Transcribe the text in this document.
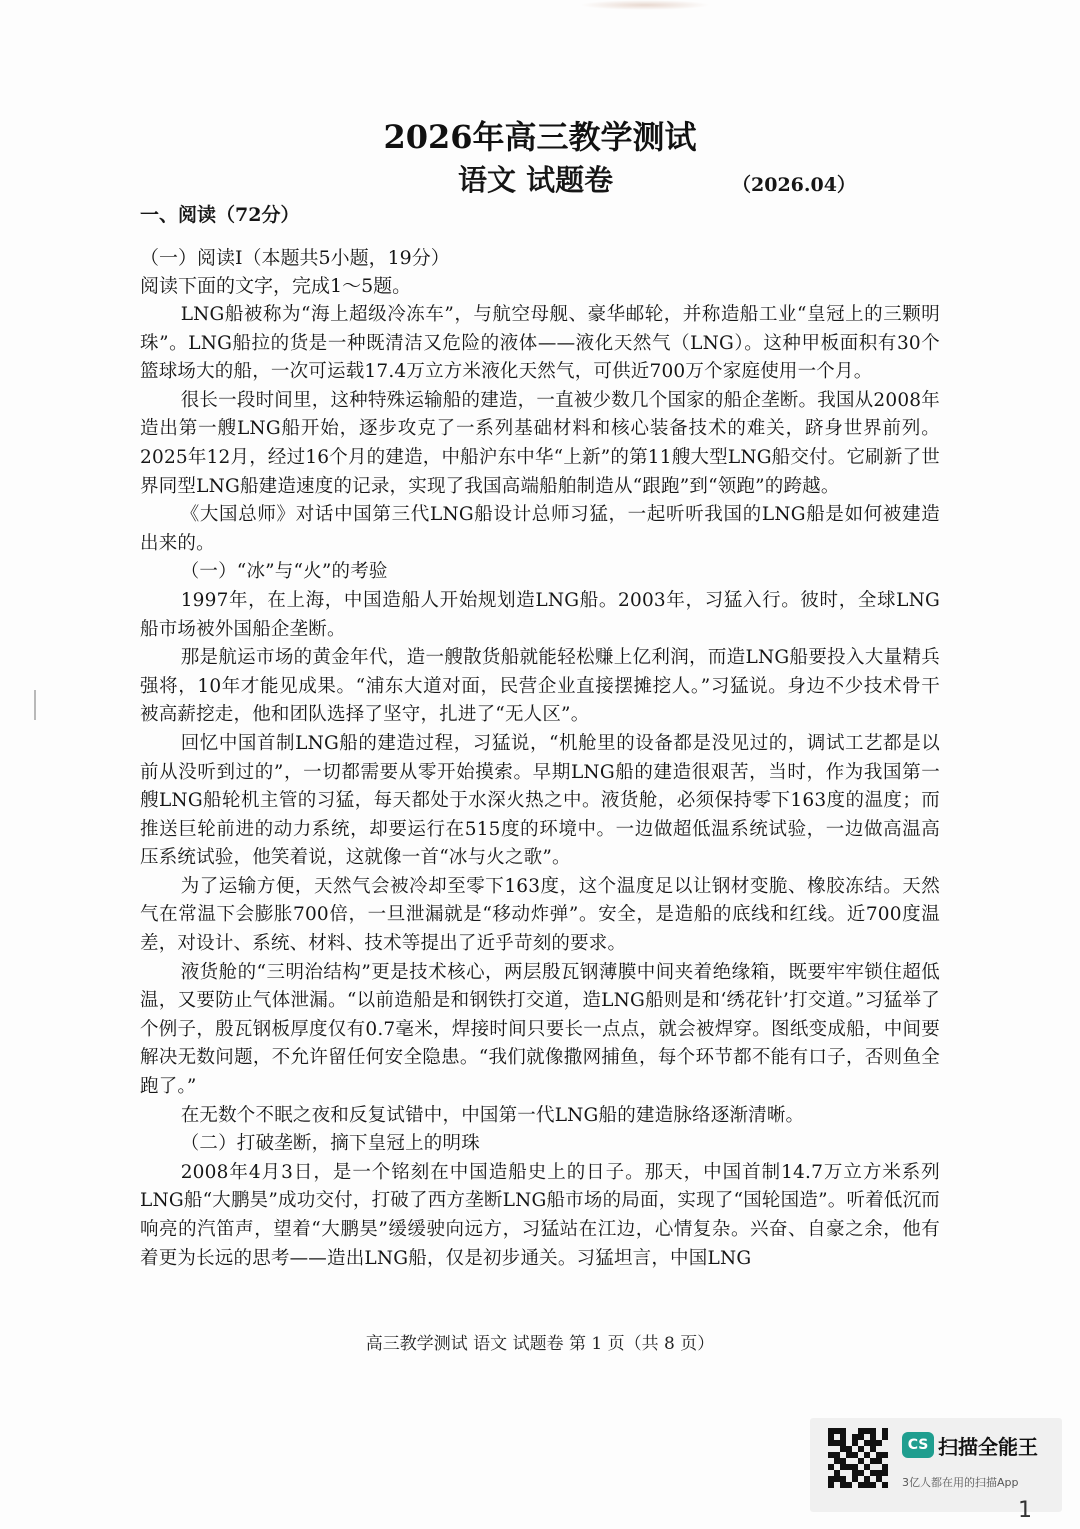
2026年高三教学测试
语文 试题卷	（2026.04）
一、阅读（72分）
（一）阅读Ⅰ（本题共5小题，19分）
阅读下面的文字，完成1～5题。

LNG船被称为“海上超级冷冻车”，与航空母舰、豪华邮轮，并称造船工业“皇冠上的三颗明珠”。LNG船拉的货是一种既清洁又危险的液体——液化天然气（LNG）。这种甲板面积有30个篮球场大的船，一次可运载17.4万立方米液化天然气，可供近700万个家庭使用一个月。

很长一段时间里，这种特殊运输船的建造，一直被少数几个国家的船企垄断。我国从2008年造出第一艘LNG船开始，逐步攻克了一系列基础材料和核心装备技术的难关，跻身世界前列。2025年12月，经过16个月的建造，中船沪东中华“上新”的第11艘大型LNG船交付。它刷新了世界同型LNG船建造速度的记录，实现了我国高端船舶制造从“跟跑”到“领跑”的跨越。

《大国总师》对话中国第三代LNG船设计总师习猛，一起听听我国的LNG船是如何被建造出来的。

（一）“冰”与“火”的考验

1997年，在上海，中国造船人开始规划造LNG船。2003年，习猛入行。彼时，全球LNG船市场被外国船企垄断。

那是航运市场的黄金年代，造一艘散货船就能轻松赚上亿利润，而造LNG船要投入大量精兵强将，10年才能见成果。“浦东大道对面，民营企业直接摆摊挖人。”习猛说。身边不少技术骨干被高薪挖走，他和团队选择了坚守，扎进了“无人区”。

回忆中国首制LNG船的建造过程，习猛说，“机舱里的设备都是没见过的，调试工艺都是以前从没听到过的”，一切都需要从零开始摸索。早期LNG船的建造很艰苦，当时，作为我国第一艘LNG船轮机主管的习猛，每天都处于水深火热之中。液货舱，必须保持零下163度的温度；而推送巨轮前进的动力系统，却要运行在515度的环境中。一边做超低温系统试验，一边做高温高压系统试验，他笑着说，这就像一首“冰与火之歌”。

为了运输方便，天然气会被冷却至零下163度，这个温度足以让钢材变脆、橡胶冻结。天然气在常温下会膨胀700倍，一旦泄漏就是“移动炸弹”。安全，是造船的底线和红线。近700度温差，对设计、系统、材料、技术等提出了近乎苛刻的要求。

液货舱的“三明治结构”更是技术核心，两层殷瓦钢薄膜中间夹着绝缘箱，既要牢牢锁住超低温，又要防止气体泄漏。“以前造船是和钢铁打交道，造LNG船则是和‘绣花针’打交道。”习猛举了个例子，殷瓦钢板厚度仅有0.7毫米，焊接时间只要长一点点，就会被焊穿。图纸变成船，中间要解决无数问题，不允许留任何安全隐患。“我们就像撒网捕鱼，每个环节都不能有口子，否则鱼全跑了。”

在无数个不眠之夜和反复试错中，中国第一代LNG船的建造脉络逐渐清晰。

（二）打破垄断，摘下皇冠上的明珠

2008年4月3日，是一个铭刻在中国造船史上的日子。那天，中国首制14.7万立方米系列LNG船“大鹏昊”成功交付，打破了西方垄断LNG船市场的局面，实现了“国轮国造”。听着低沉而响亮的汽笛声，望着“大鹏昊”缓缓驶向远方，习猛站在江边，心情复杂。兴奋、自豪之余，他有着更为长远的思考——造出LNG船，仅是初步通关。习猛坦言，中国LNG

高三教学测试 语文 试题卷 第 1 页（共 8 页）
CS 扫描全能王
3亿人都在用的扫描App
1
